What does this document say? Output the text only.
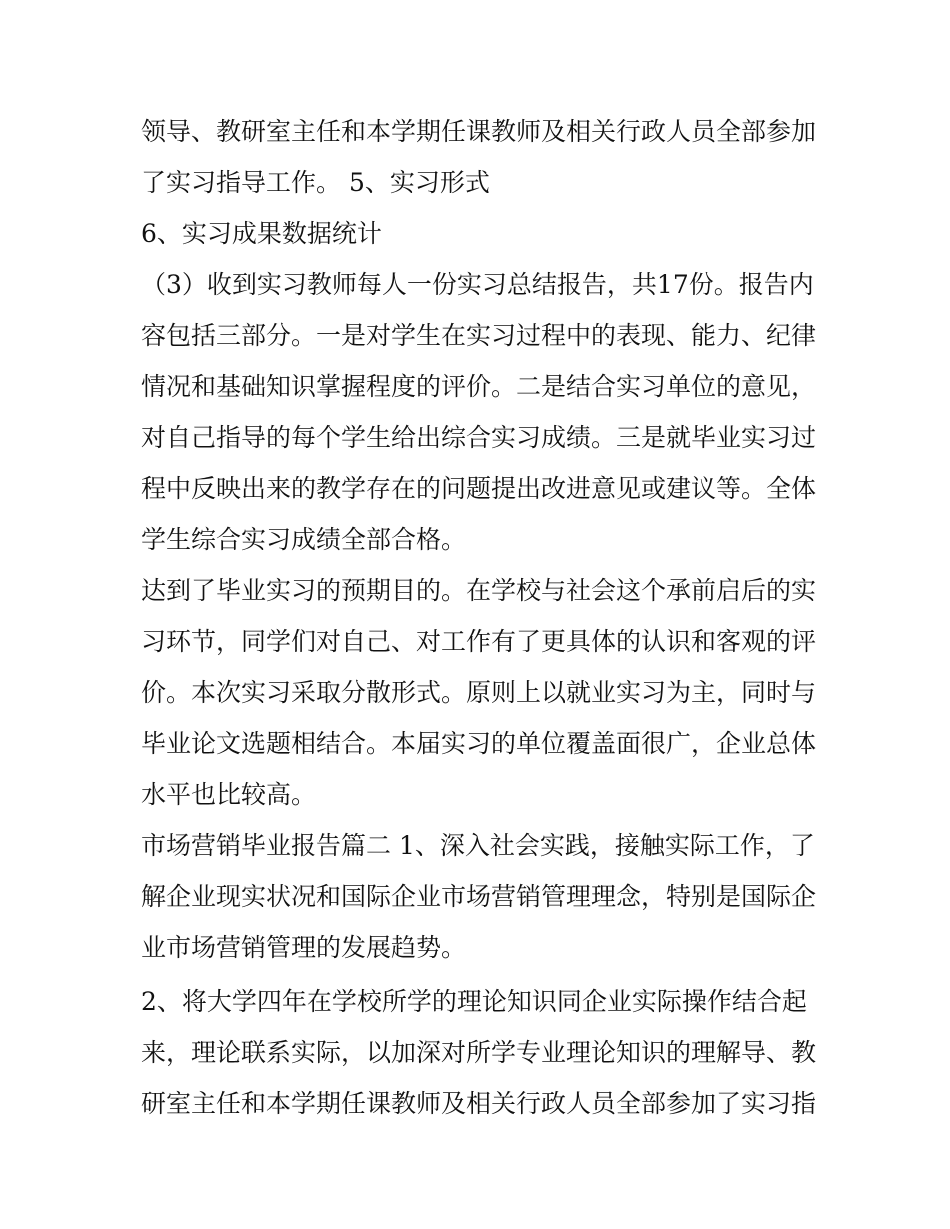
领导、教研室主任和本学期任课教师及相关行政人员全部参加
了实习指导工作。 5、实习形式
6、实习成果数据统计
（3）收到实习教师每人一份实习总结报告，共17份。报告内
容包括三部分。一是对学生在实习过程中的表现、能力、纪律
情况和基础知识掌握程度的评价。二是结合实习单位的意见，
对自己指导的每个学生给出综合实习成绩。三是就毕业实习过
程中反映出来的教学存在的问题提出改进意见或建议等。全体
学生综合实习成绩全部合格。
达到了毕业实习的预期目的。在学校与社会这个承前启后的实
习环节，同学们对自己、对工作有了更具体的认识和客观的评
价。本次实习采取分散形式。原则上以就业实习为主，同时与
毕业论文选题相结合。本届实习的单位覆盖面很广，企业总体
水平也比较高。
市场营销毕业报告篇二 1、深入社会实践，接触实际工作，了
解企业现实状况和国际企业市场营销管理理念，特别是国际企
业市场营销管理的发展趋势。
2、将大学四年在学校所学的理论知识同企业实际操作结合起
来，理论联系实际，以加深对所学专业理论知识的理解导、教
研室主任和本学期任课教师及相关行政人员全部参加了实习指
